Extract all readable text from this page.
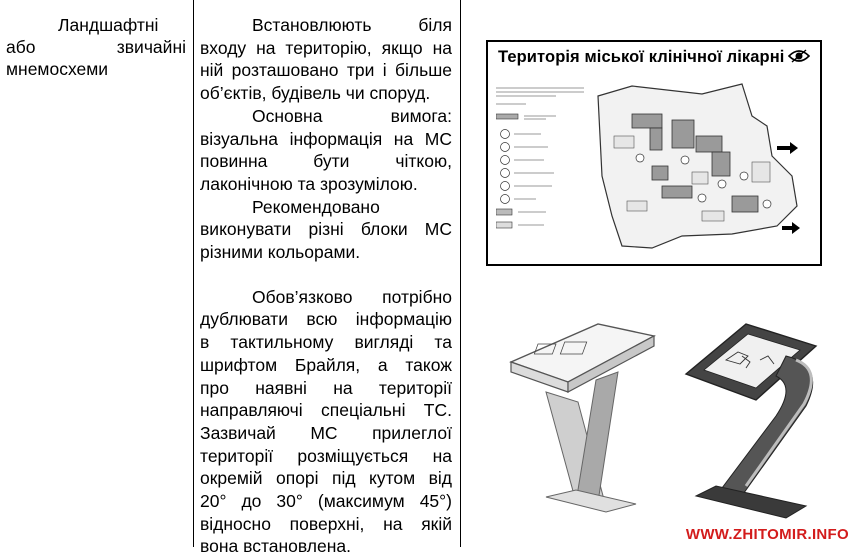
Ландшафтні
або	звичайні
мнемосхеми
Встановлюють біля
входу на територію, якщо на
ній розташовано три і більше
об’єктів, будівель чи споруд.
Основна вимога:
візуальна інформація на МС
повинна бути чіткою,
лаконічною та зрозумілою.
Рекомендовано
виконувати різні блоки МС
різними кольорами.
Обов’язково потрібно
дублювати всю інформацію
в тактильному вигляді та
шрифтом Брайля, а також
про наявні на території
направляючі спеціальні ТС.
Зазвичай МС прилеглої
території розміщується на
окремій опорі під кутом від
20° до 30° (максимум 45°)
відносно поверхні, на якій
вона встановлена.
Територія міської клінічної лікарні
WWW.ZHITOMIR.INFO
